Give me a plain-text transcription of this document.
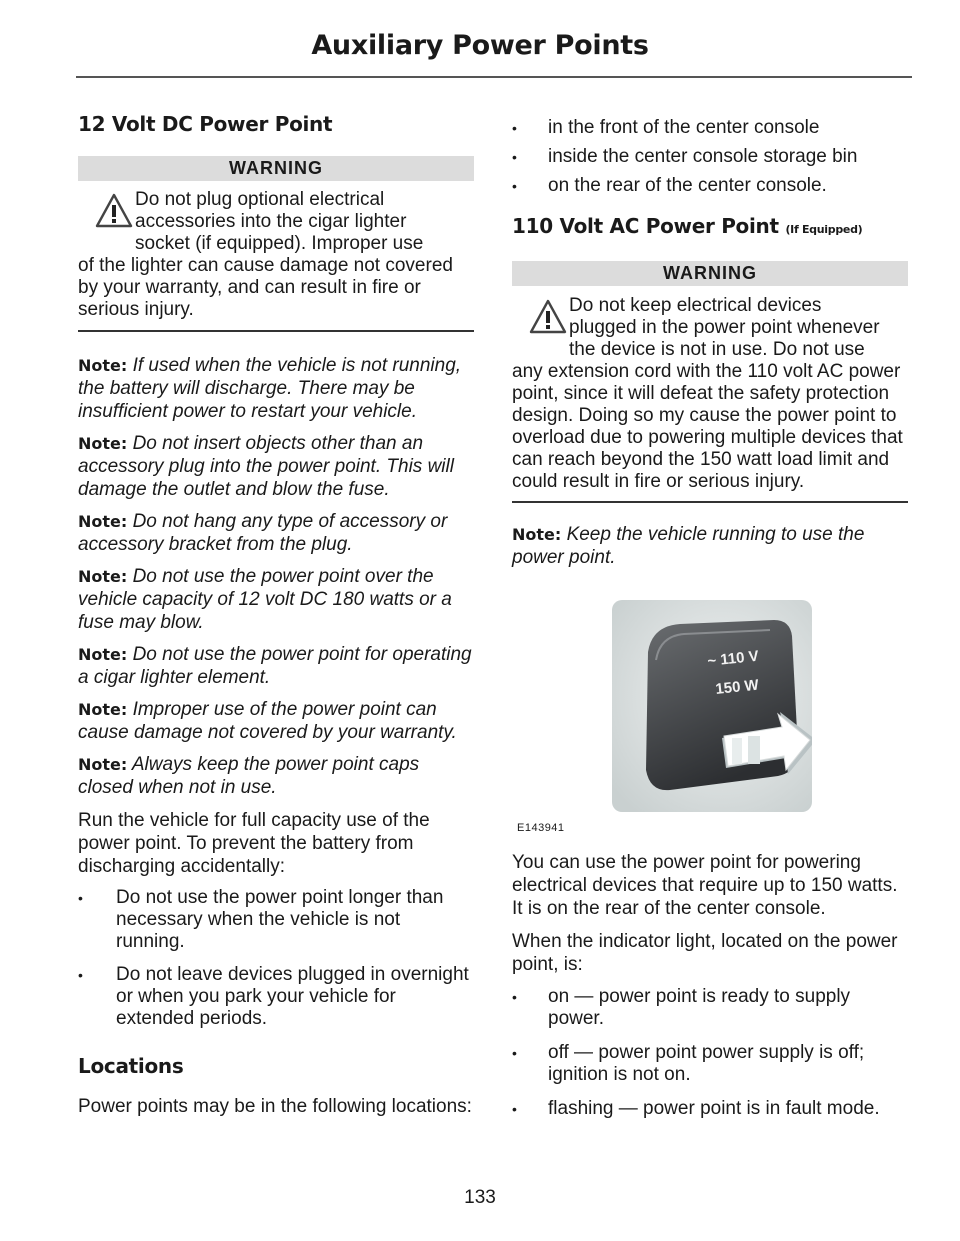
Auxiliary Power Points
12 Volt DC Power Point
WARNING
Do not plug optional electrical
accessories into the cigar lighter
socket (if equipped). Improper use
of the lighter can cause damage not covered by your warranty, and can result in fire or serious injury.

Note: If used when the vehicle is not running, the battery will discharge. There may be insufficient power to restart your vehicle.

Note: Do not insert objects other than an accessory plug into the power point. This will damage the outlet and blow the fuse.

Note: Do not hang any type of accessory or accessory bracket from the plug.

Note: Do not use the power point over the vehicle capacity of 12 volt DC 180 watts or a fuse may blow.

Note: Do not use the power point for operating a cigar lighter element.

Note: Improper use of the power point can cause damage not covered by your warranty.

Note: Always keep the power point caps closed when not in use.

Run the vehicle for full capacity use of the power point. To prevent the battery from discharging accidentally:

• Do not use the power point longer than necessary when the vehicle is not running.
• Do not leave devices plugged in overnight or when you park your vehicle for extended periods.
Locations

Power points may be in the following locations:

• in the front of the center console
• inside the center console storage bin
• on the rear of the center console.
110 Volt AC Power Point (If Equipped)
WARNING
Do not keep electrical devices
plugged in the power point whenever
the device is not in use. Do not use
any extension cord with the 110 volt AC power point, since it will defeat the safety protection design. Doing so my cause the power point to overload due to powering multiple devices that can reach beyond the 150 watt load limit and could result in fire or serious injury.

Note: Keep the vehicle running to use the power point.

~ 110 V
150 W
E143941

You can use the power point for powering electrical devices that require up to 150 watts. It is on the rear of the center console.

When the indicator light, located on the power point, is:

• on — power point is ready to supply power.
• off — power point power supply is off; ignition is not on.
• flashing — power point is in fault mode.
133
